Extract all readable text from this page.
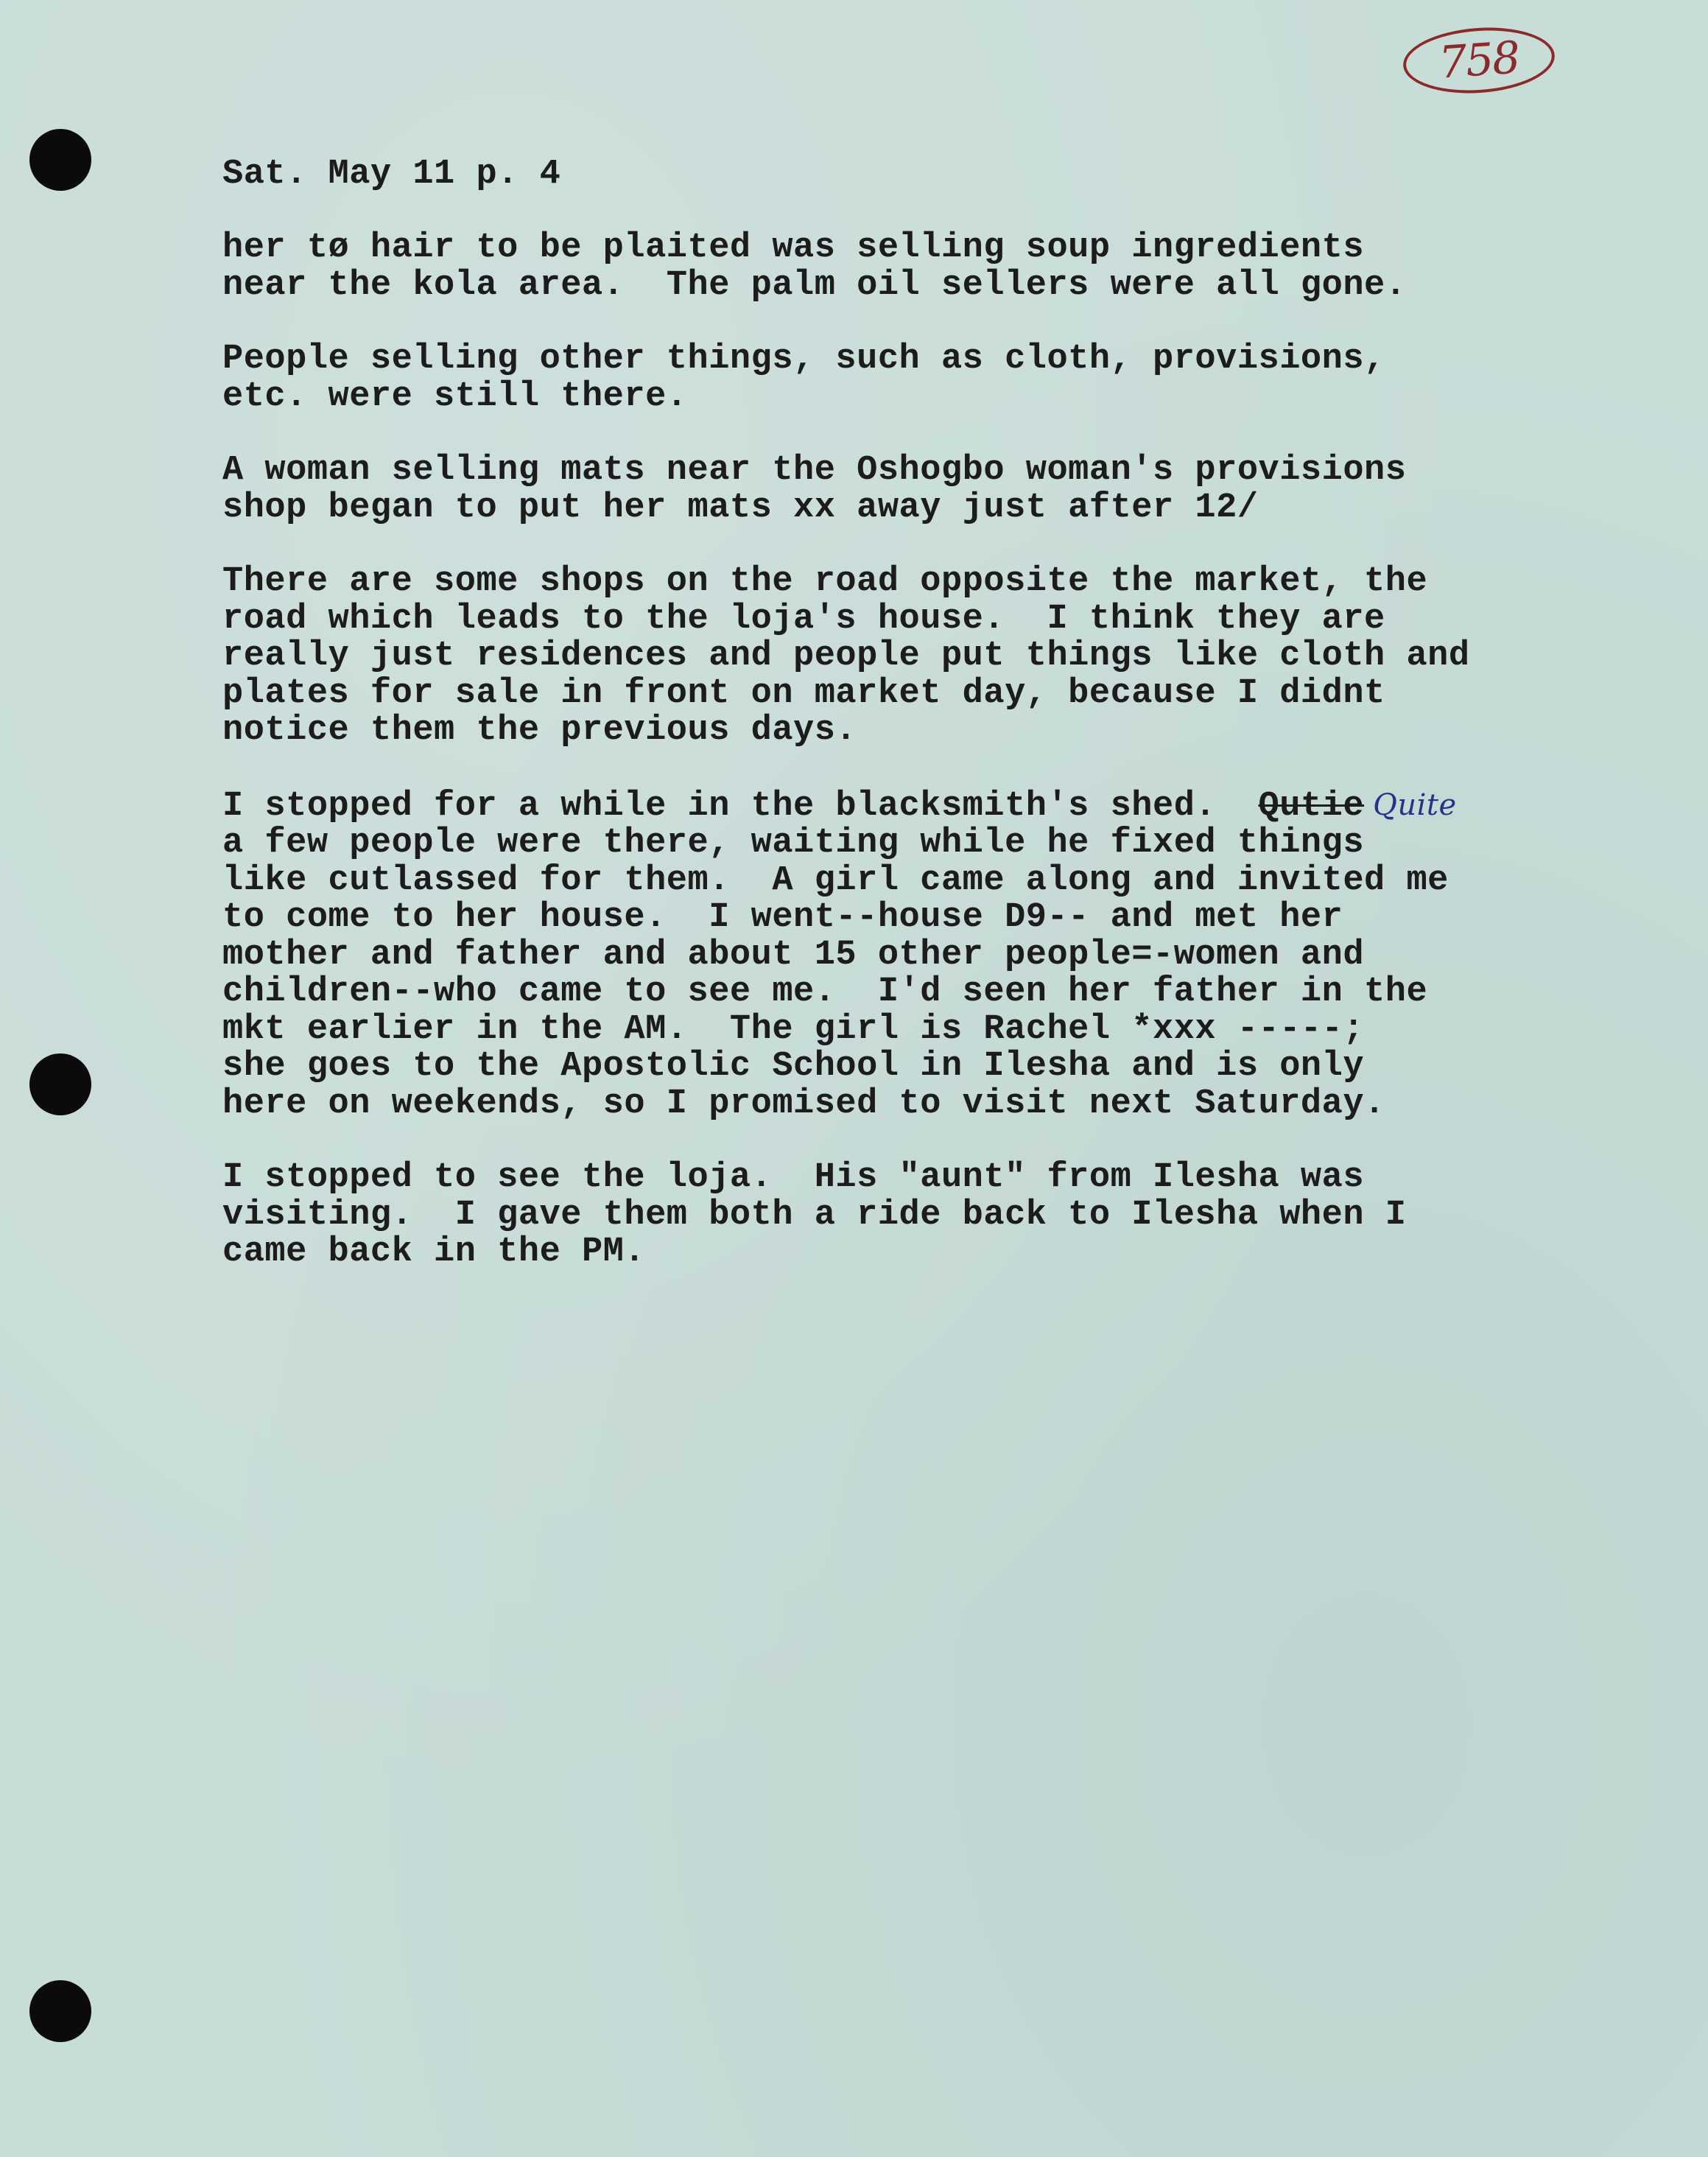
758
Sat. May 11 p. 4
her tø hair to be plaited was selling soup ingredients
near the kola area.  The palm oil sellers were all gone.
People selling other things, such as cloth, provisions,
etc. were still there.
A woman selling mats near the Oshogbo woman's provisions
shop began to put her mats xx away just after 12/
There are some shops on the road opposite the market, the
road which leads to the loja's house.  I think they are
really just residences and people put things like cloth and
plates for sale in front on market day, because I didnt
notice them the previous days.
I stopped for a while in the blacksmith's shed.  Qutie Quite
a few people were there, waiting while he fixed things
like cutlassed for them.  A girl came along and invited me
to come to her house.  I went--house D9-- and met her
mother and father and about 15 other people=-women and
children--who came to see me.  I'd seen her father in the
mkt earlier in the AM.  The girl is Rachel *xxx -----;
she goes to the Apostolic School in Ilesha and is only
here on weekends, so I promised to visit next Saturday.
I stopped to see the loja.  His "aunt" from Ilesha was
visiting.  I gave them both a ride back to Ilesha when I
came back in the PM.
